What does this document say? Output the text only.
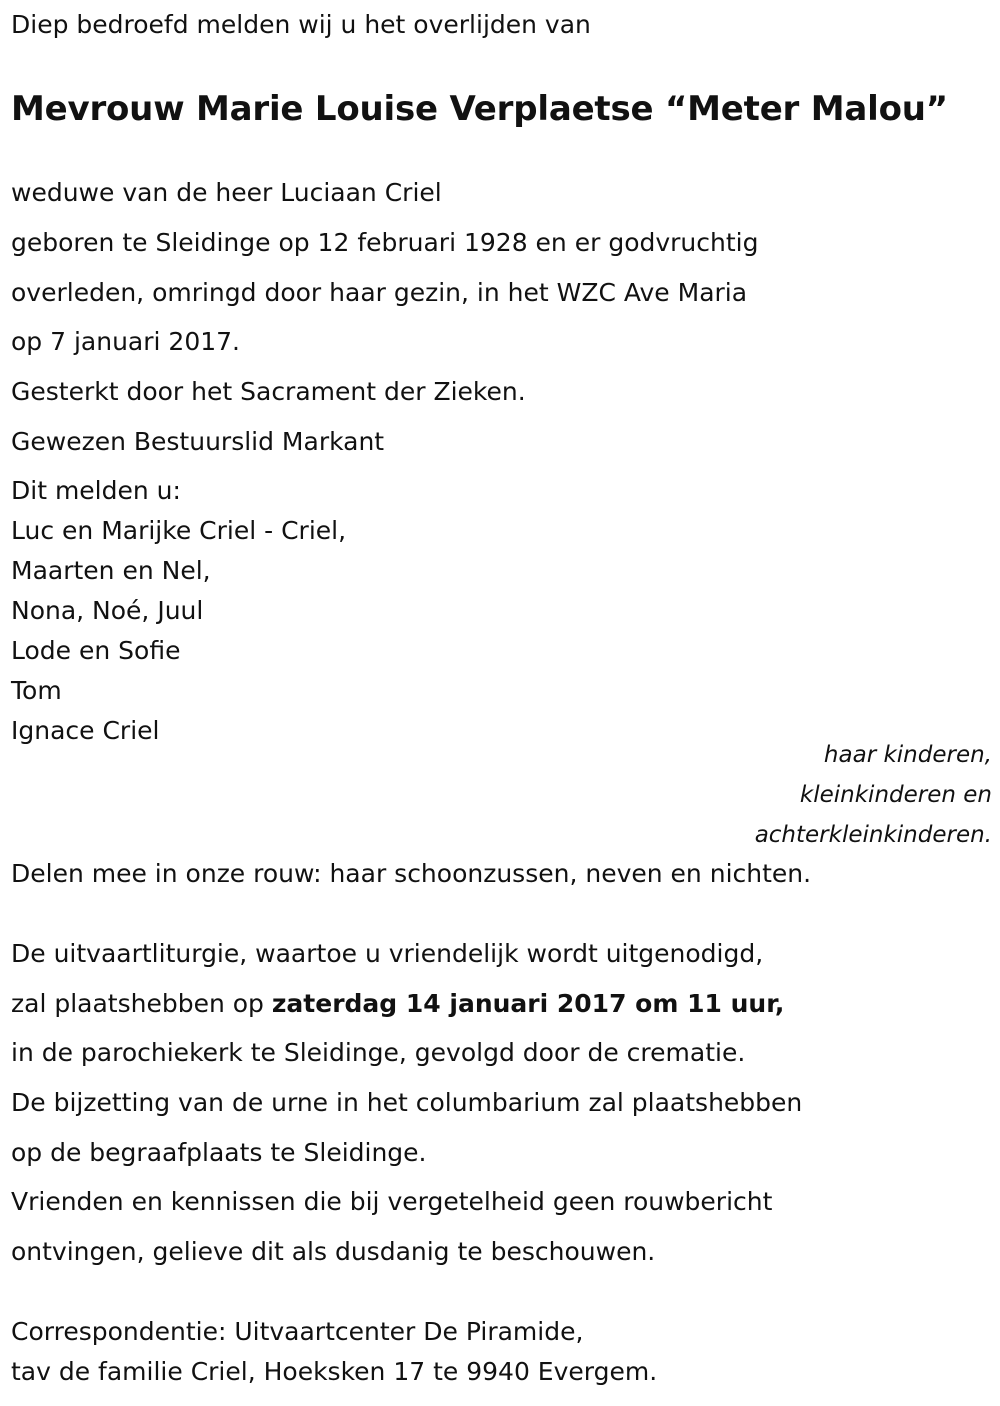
Diep bedroefd melden wij u het overlijden van

Mevrouw Marie Louise Verplaetse “Meter Malou”

weduwe van de heer Luciaan Criel

geboren te Sleidinge op 12 februari 1928 en er godvruchtig

overleden, omringd door haar gezin, in het WZC Ave Maria

op 7 januari 2017.

Gesterkt door het Sacrament der Zieken.

Gewezen Bestuurslid Markant

Dit melden u:

Luc en Marijke Criel - Criel,

Maarten en Nel,

Nona, Noé, Juul

Lode en Sofie

Tom

Ignace Criel

haar kinderen,
kleinkinderen en
achterkleinkinderen.

Delen mee in onze rouw: haar schoonzussen, neven en nichten.

De uitvaartliturgie, waartoe u vriendelijk wordt uitgenodigd,

zal plaatshebben op zaterdag 14 januari 2017 om 11 uur,

in de parochiekerk te Sleidinge, gevolgd door de crematie.

De bijzetting van de urne in het columbarium zal plaatshebben

op de begraafplaats te Sleidinge.

Vrienden en kennissen die bij vergetelheid geen rouwbericht

ontvingen, gelieve dit als dusdanig te beschouwen.

Correspondentie: Uitvaartcenter De Piramide,

tav de familie Criel, Hoeksken 17 te 9940 Evergem.
